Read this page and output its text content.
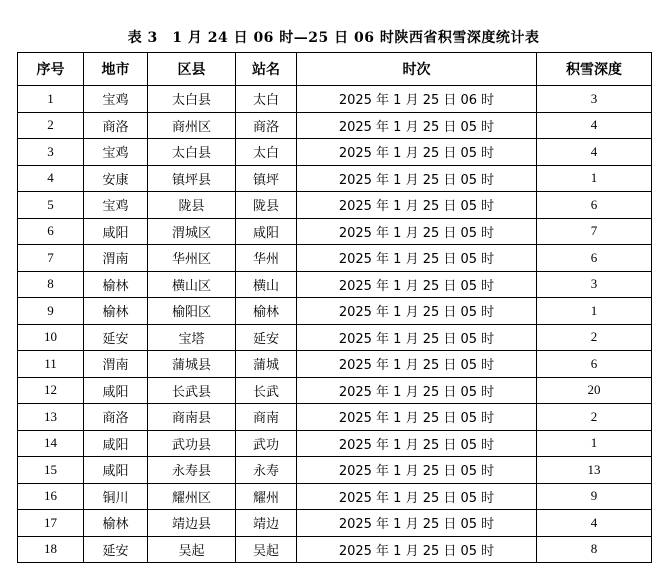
表 3　1 月 24 日 06 时—25 日 06 时陕西省积雪深度统计表
序号	地市	区县	站名	时次	积雪深度
1	宝鸡	太白县	太白	2025 年 1 月 25 日 06 时	3
2	商洛	商州区	商洛	2025 年 1 月 25 日 05 时	4
3	宝鸡	太白县	太白	2025 年 1 月 25 日 05 时	4
4	安康	镇坪县	镇坪	2025 年 1 月 25 日 05 时	1
5	宝鸡	陇县	陇县	2025 年 1 月 25 日 05 时	6
6	咸阳	渭城区	咸阳	2025 年 1 月 25 日 05 时	7
7	渭南	华州区	华州	2025 年 1 月 25 日 05 时	6
8	榆林	横山区	横山	2025 年 1 月 25 日 05 时	3
9	榆林	榆阳区	榆林	2025 年 1 月 25 日 05 时	1
10	延安	宝塔	延安	2025 年 1 月 25 日 05 时	2
11	渭南	蒲城县	蒲城	2025 年 1 月 25 日 05 时	6
12	咸阳	长武县	长武	2025 年 1 月 25 日 05 时	20
13	商洛	商南县	商南	2025 年 1 月 25 日 05 时	2
14	咸阳	武功县	武功	2025 年 1 月 25 日 05 时	1
15	咸阳	永寿县	永寿	2025 年 1 月 25 日 05 时	13
16	铜川	耀州区	耀州	2025 年 1 月 25 日 05 时	9
17	榆林	靖边县	靖边	2025 年 1 月 25 日 05 时	4
18	延安	吴起	吴起	2025 年 1 月 25 日 05 时	8
